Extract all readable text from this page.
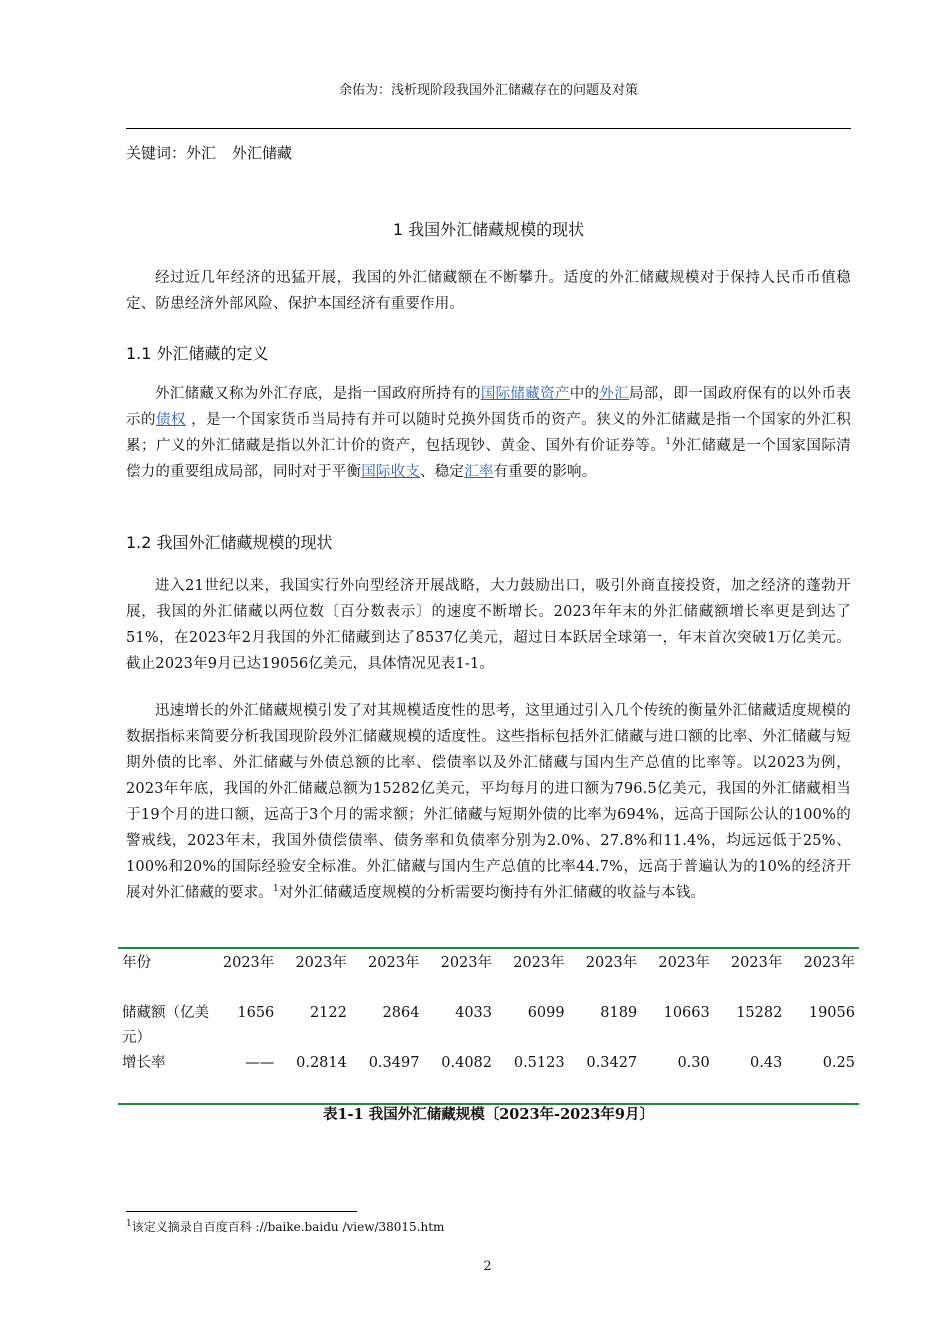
余佑为：浅析现阶段我国外汇储藏存在的问题及对策
关键词：外汇 外汇储藏
1 我国外汇储藏规模的现状
经过近几年经济的迅猛开展，我国的外汇储藏额在不断攀升。适度的外汇储藏规模对于保持人民币币值稳定、防患经济外部风险、保护本国经济有重要作用。
1.1 外汇储藏的定义
外汇储藏又称为外汇存底，是指一国政府所持有的国际储藏资产中的外汇局部，即一国政府保有的以外币表示的债权 ，是一个国家货币当局持有并可以随时兑换外国货币的资产。狭义的外汇储藏是指一个国家的外汇积累；广义的外汇储藏是指以外汇计价的资产，包括现钞、黄金、国外有价证券等。$^1$外汇储藏是一个国家国际清偿力的重要组成局部，同时对于平衡国际收支、稳定汇率有重要的影响。
1.2 我国外汇储藏规模的现状
进入21世纪以来，我国实行外向型经济开展战略，大力鼓励出口，吸引外商直接投资，加之经济的蓬勃开展，我国的外汇储藏以两位数〔百分数表示〕的速度不断增长。2023年年末的外汇储藏额增长率更是到达了51%，在2023年2月我国的外汇储藏到达了8537亿美元，超过日本跃居全球第一，年末首次突破1万亿美元。截止2023年9月已达19056亿美元，具体情况见表1-1。
迅速增长的外汇储藏规模引发了对其规模适度性的思考，这里通过引入几个传统的衡量外汇储藏适度规模的数据指标来简要分析我国现阶段外汇储藏规模的适度性。这些指标包括外汇储藏与进口额的比率、外汇储藏与短期外债的比率、外汇储藏与外债总额的比率、偿债率以及外汇储藏与国内生产总值的比率等。以2023为例，2023年年底，我国的外汇储藏总额为15282亿美元，平均每月的进口额为796.5亿美元，我国的外汇储藏相当于19个月的进口额，远高于3个月的需求额；外汇储藏与短期外债的比率为694%，远高于国际公认的100%的警戒线，2023年末，我国外债偿债率、债务率和负债率分别为2.0%、27.8%和11.4%，均远远低于25%、100%和20%的国际经验安全标准。外汇储藏与国内生产总值的比率44.7%，远高于普遍认为的10%的经济开展对外汇储藏的要求。$^1$对外汇储藏适度规模的分析需要均衡持有外汇储藏的收益与本钱。
年份	2023年	2023年	2023年	2023年	2023年	2023年	2023年	2023年	2023年
储藏额（亿美元）	1656	2122	2864	4033	6099	8189	10663	15282	19056
增长率	——	0.2814	0.3497	0.4082	0.5123	0.3427	0.30	0.43	0.25
表1-1 我国外汇储藏规模〔2023年-2023年9月〕
$^1$该定义摘录自百度百科 ://baike.baidu /view/38015.htm
2
